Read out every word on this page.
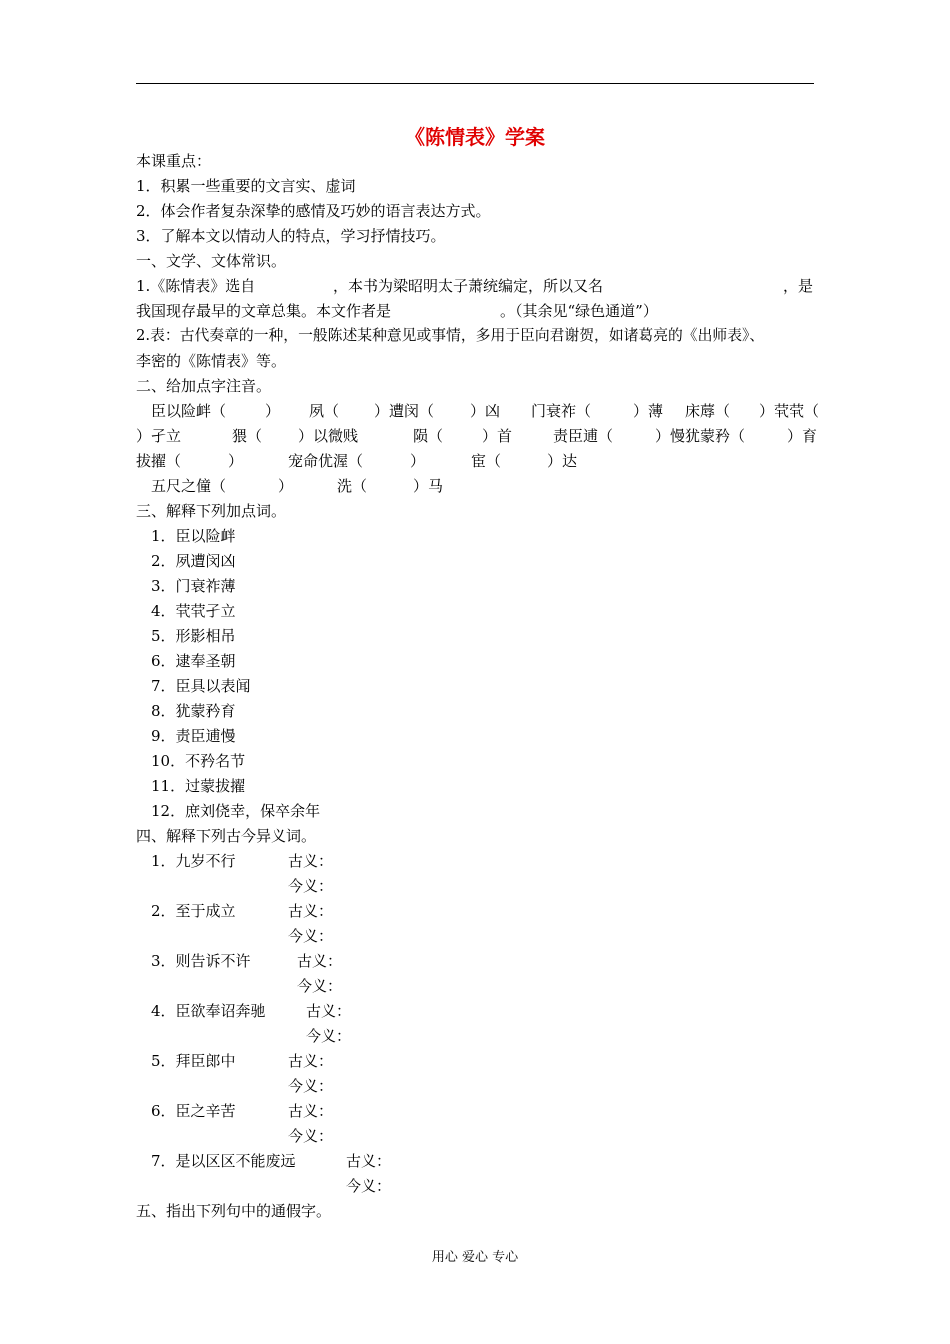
《陈情表》学案
本课重点：
1．积累一些重要的文言实、虚词
2．体会作者复杂深挚的感情及巧妙的语言表达方式。
3．了解本文以情动人的特点，学习抒情技巧。
一、文学、文体常识。
1.《陈情表》选自	，本书为梁昭明太子萧统编定，所以又名	，是
我国现存最早的文章总集。本文作者是	。（其余见“绿色通道”）
2.表：古代奏章的一种，一般陈述某种意见或事情，多用于臣向君谢贺，如诸葛亮的《出师表》、
李密的《陈情表》等。
二、给加点字注音。
臣以险衅（	） 夙（ ）遭闵（ ）凶 门衰祚（	）薄 床蓐（ ）茕茕（
）孑立	猥（ ）以微贱	陨（	）首	责臣逋（	）慢犹蒙矜（	）育
拔擢（	）	宠命优渥（	）	宦（	）达
五尺之僮（	）	洗（	）马
三、解释下列加点词。
1．臣以险衅
2．夙遭闵凶
3．门衰祚薄
4．茕茕孑立
5．形影相吊
6．逮奉圣朝
7．臣具以表闻
8．犹蒙矜育
9．责臣逋慢
10．不矜名节
11．过蒙拔擢
12．庶刘侥幸，保卒余年
四、解释下列古今异义词。
1．九岁不行	古义：
今义：
2．至于成立	古义：
今义：
3．则告诉不许	古义：
今义：
4．臣欲奉诏奔驰	古义：
今义：
5．拜臣郎中	古义：
今义：
6．臣之辛苦	古义：
今义：
7．是以区区不能废远	古义：
今义：
五、指出下列句中的通假字。
用心 爱心 专心
